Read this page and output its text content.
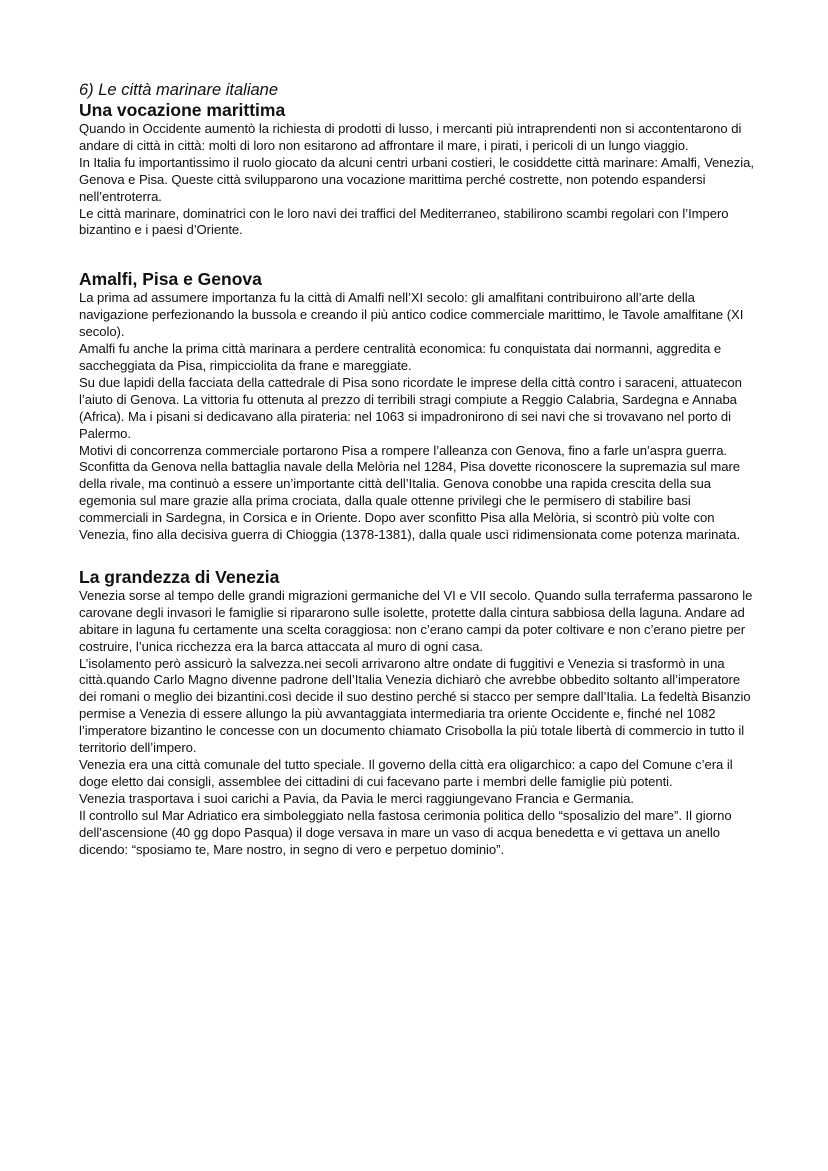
6) Le città marinare italiane
Una vocazione marittima

Quando in Occidente aumentò la richiesta di prodotti di lusso, i mercanti più intraprendenti non si accontentarono di andare di città in città: molti di loro non esitarono ad affrontare il mare, i pirati, i pericoli di un lungo viaggio.

In Italia fu importantissimo il ruolo giocato da alcuni centri urbani costieri, le cosiddette città marinare: Amalfi, Venezia, Genova e Pisa. Queste città svilupparono una vocazione marittima perché costrette, non potendo espandersi nell’entroterra.

Le città marinare, dominatrici con le loro navi dei traffici del Mediterraneo, stabilirono scambi regolari con l’Impero bizantino e i paesi d’Oriente.

Amalfi, Pisa e Genova

La prima ad assumere importanza fu la città di Amalfi nell’XI secolo: gli amalfitani contribuirono all’arte della navigazione perfezionando la bussola e creando il più antico codice commerciale marittimo, le Tavole amalfitane (XI secolo).

Amalfi fu anche la prima città marinara a perdere centralità economica: fu conquistata dai normanni, aggredita e saccheggiata da Pisa, rimpicciolita da frane e mareggiate.

Su due lapidi della facciata della cattedrale di Pisa sono ricordate le imprese della città contro i saraceni, attuatecon l’aiuto di Genova. La vittoria fu ottenuta al prezzo di terribili stragi compiute a Reggio Calabria, Sardegna e Annaba (Africa). Ma i pisani si dedicavano alla pirateria: nel 1063 si impadronirono di sei navi che si trovavano nel porto di Palermo.

Motivi di concorrenza commerciale portarono Pisa a rompere l’alleanza con Genova, fino a farle un’aspra guerra. Sconfitta da Genova nella battaglia navale della Melòria nel 1284, Pisa dovette riconoscere la supremazia sul mare della rivale, ma continuò a essere un’importante città dell’Italia. Genova conobbe una rapida crescita della sua egemonia sul mare grazie alla prima crociata, dalla quale ottenne privilegi che le permisero di stabilire basi commerciali in Sardegna, in Corsica e in Oriente. Dopo aver sconfitto Pisa alla Melòria, si scontrò più volte con Venezia, fino alla decisiva guerra di Chioggia (1378-1381), dalla quale uscì ridimensionata come potenza marinata.

La grandezza di Venezia

Venezia sorse al tempo delle grandi migrazioni germaniche del VI e VII secolo. Quando sulla terraferma passarono le carovane degli invasori le famiglie si ripararono sulle isolette, protette dalla cintura sabbiosa della laguna. Andare ad abitare in laguna fu certamente una scelta coraggiosa: non c’erano campi da poter coltivare e non c’erano pietre per costruire, l’unica ricchezza era la barca attaccata al muro di ogni casa.

L’isolamento però assicurò la salvezza.nei secoli arrivarono altre ondate di fuggitivi e Venezia si trasformò in una città.quando Carlo Magno divenne padrone dell’Italia Venezia dichiarò che avrebbe obbedito soltanto all’imperatore dei romani o meglio dei bizantini.così decide il suo destino perché si stacco per sempre dall’Italia. La fedeltà Bisanzio permise a Venezia di essere allungo la più avvantaggiata intermediaria tra oriente Occidente e, finché nel 1082 l’imperatore bizantino le concesse con un documento chiamato Crisobolla la più totale libertà di commercio in tutto il territorio dell’impero.

Venezia era una città comunale del tutto speciale. Il governo della città era oligarchico: a capo del Comune c’era il doge eletto dai consigli, assemblee dei cittadini di cui facevano parte i membri delle famiglie più potenti.

Venezia trasportava i suoi carichi a Pavia, da Pavia le merci raggiungevano Francia e Germania.

Il controllo sul Mar Adriatico era simboleggiato nella fastosa cerimonia politica dello “sposalizio del mare”. Il giorno dell’ascensione (40 gg dopo Pasqua) il doge versava in mare un vaso di acqua benedetta e vi gettava un anello dicendo: “sposiamo te, Mare nostro, in segno di vero e perpetuo dominio”.
